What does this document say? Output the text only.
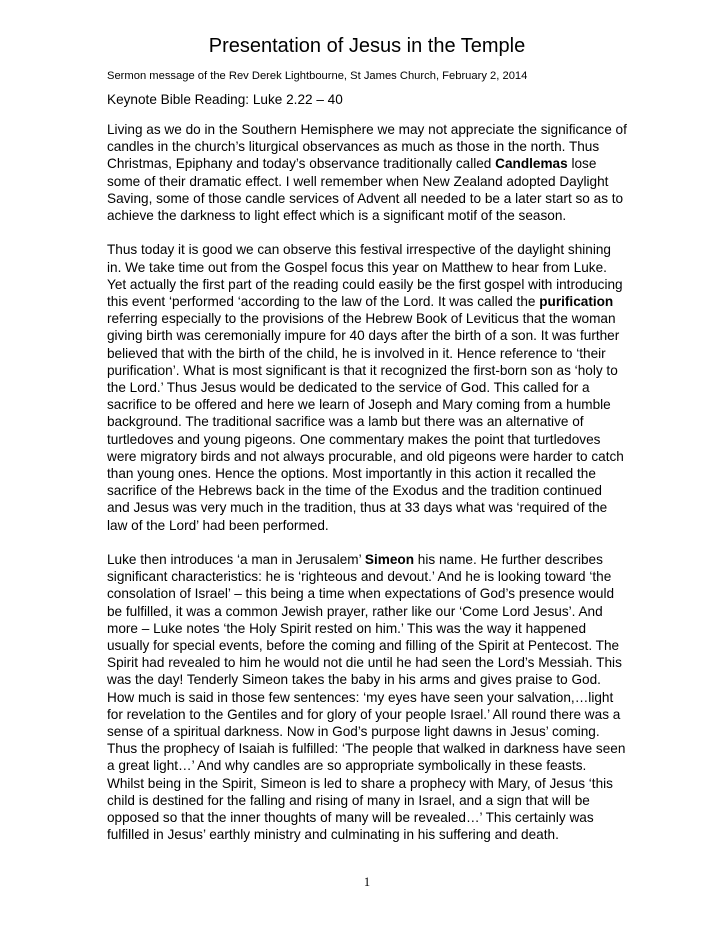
Presentation of Jesus in the Temple
Sermon message of the Rev Derek Lightbourne, St James Church, February 2, 2014
Keynote Bible Reading: Luke 2.22 – 40

Living as we do in the Southern Hemisphere we may not appreciate the significance of candles in the church’s liturgical observances as much as those in the north. Thus Christmas, Epiphany and today’s observance traditionally called Candlemas lose some of their dramatic effect. I well remember when New Zealand adopted Daylight Saving, some of those candle services of Advent all needed to be a later start so as to achieve the darkness to light effect which is a significant motif of the season.

Thus today it is good we can observe this festival irrespective of the daylight shining in. We take time out from the Gospel focus this year on Matthew to hear from Luke. Yet actually the first part of the reading could easily be the first gospel with introducing this event ‘performed ‘according to the law of the Lord. It was called the purification referring especially to the provisions of the Hebrew Book of Leviticus that the woman giving birth was ceremonially impure for 40 days after the birth of a son. It was further believed that with the birth of the child, he is involved in it. Hence reference to ‘their purification’. What is most significant is that it recognized the first-born son as ‘holy to the Lord.’ Thus Jesus would be dedicated to the service of God. This called for a sacrifice to be offered and here we learn of Joseph and Mary coming from a humble background. The traditional sacrifice was a lamb but there was an alternative of turtledoves and young pigeons. One commentary makes the point that turtledoves were migratory birds and not always procurable, and old pigeons were harder to catch than young ones. Hence the options. Most importantly in this action it recalled the sacrifice of the Hebrews back in the time of the Exodus and the tradition continued and Jesus was very much in the tradition, thus at 33 days what was ‘required of the law of the Lord’ had been performed.

Luke then introduces ‘a man in Jerusalem’ Simeon his name. He further describes significant characteristics: he is ‘righteous and devout.’ And he is looking toward ‘the consolation of Israel’ – this being a time when expectations of God’s presence would be fulfilled, it was a common Jewish prayer, rather like our ‘Come Lord Jesus’. And more – Luke notes ‘the Holy Spirit rested on him.’ This was the way it happened usually for special events, before the coming and filling of the Spirit at Pentecost. The Spirit had revealed to him he would not die until he had seen the Lord’s Messiah. This was the day! Tenderly Simeon takes the baby in his arms and gives praise to God.

How much is said in those few sentences: ‘my eyes have seen your salvation,…light for revelation to the Gentiles and for glory of your people Israel.’ All round there was a sense of a spiritual darkness. Now in God’s purpose light dawns in Jesus’ coming. Thus the prophecy of Isaiah is fulfilled: ‘The people that walked in darkness have seen a great light…’ And why candles are so appropriate symbolically in these feasts.

Whilst being in the Spirit, Simeon is led to share a prophecy with Mary, of Jesus ‘this child is destined for the falling and rising of many in Israel, and a sign that will be opposed so that the inner thoughts of many will be revealed…’ This certainly was fulfilled in Jesus’ earthly ministry and culminating in his suffering and death.

1
